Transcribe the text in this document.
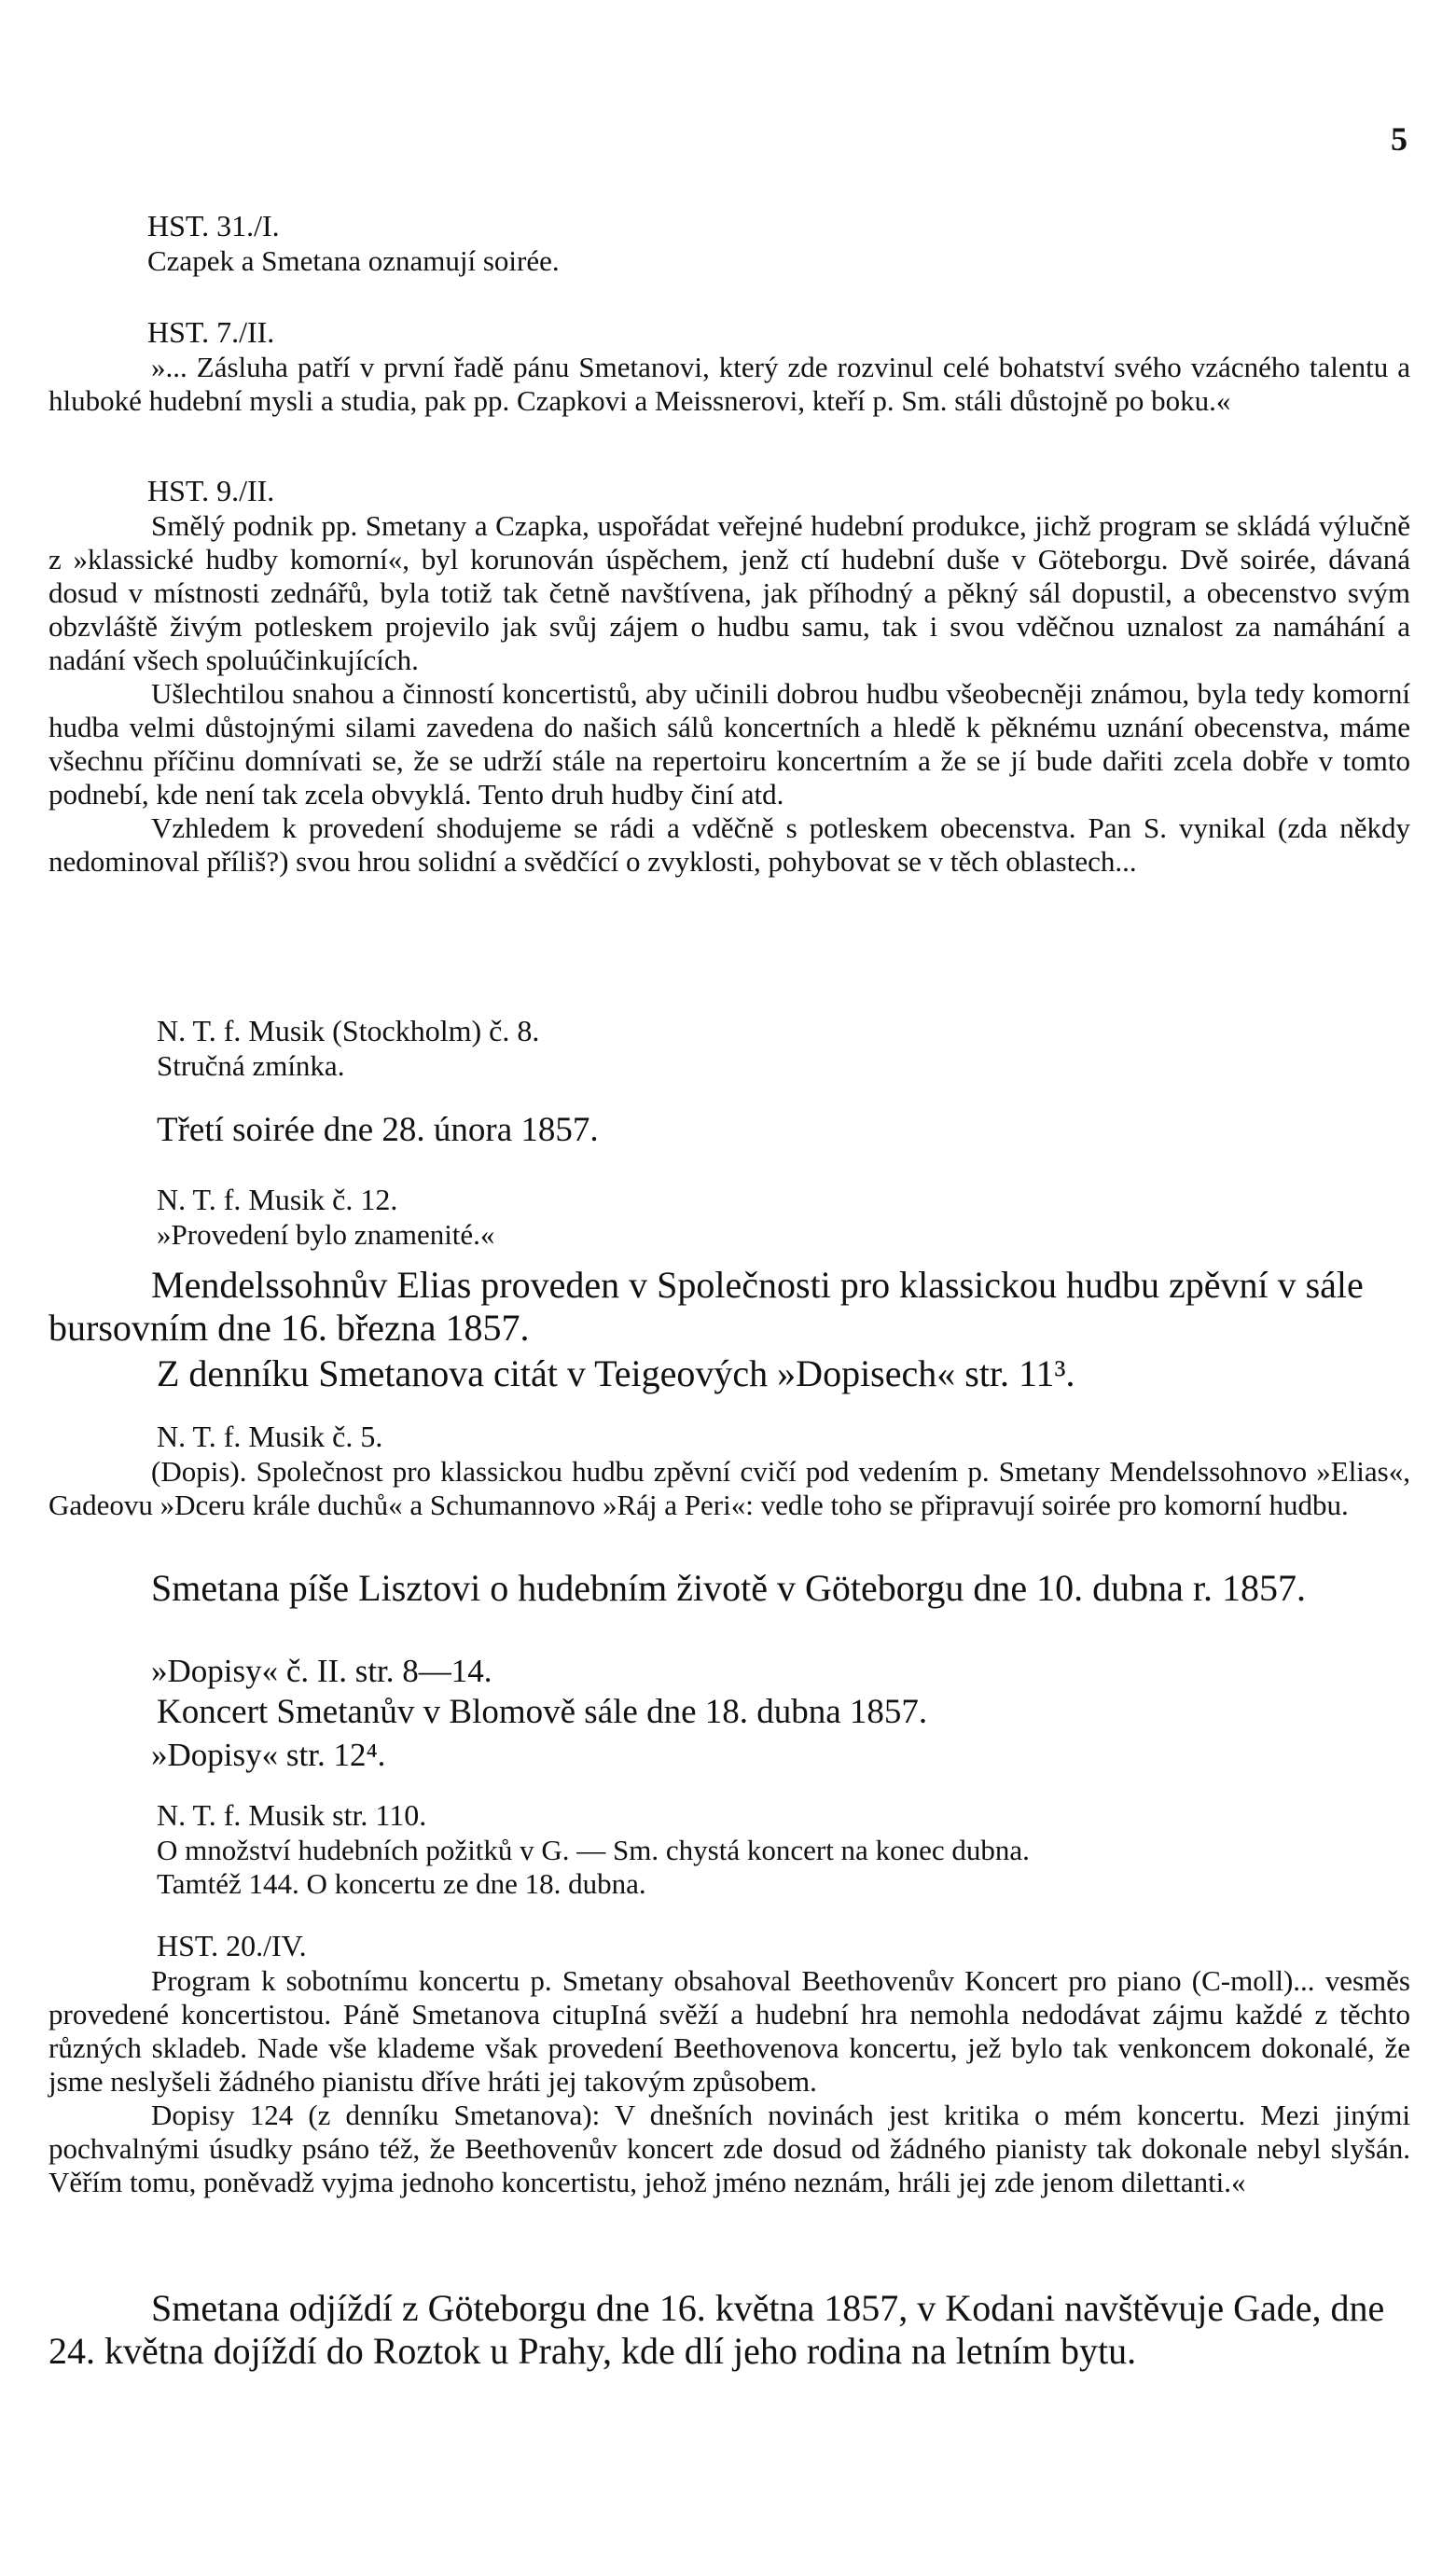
5

HST. 31./I.

Czapek a Smetana oznamují soirée.

HST. 7./II.

»... Zásluha patří v první řadě pánu Smetanovi, který zde rozvinul celé bohatství svého vzácného talentu a hluboké hudební mysli a studia, pak pp. Czapkovi a Meissnerovi, kteří p. Sm. stáli důstojně po boku.«

HST. 9./II.

Smělý podnik pp. Smetany a Czapka, uspořádat veřejné hudební produkce, jichž program se skládá výlučně z »klassické hudby komorní«, byl korunován úspěchem, jenž ctí hudební duše v Göteborgu. Dvě soirée, dávaná dosud v místnosti zednářů, byla totiž tak četně navštívena, jak příhodný a pěkný sál dopustil, a obecenstvo svým obzvláště živým potleskem projevilo jak svůj zájem o hudbu samu, tak i svou vděčnou uznalost za namáhání a nadání všech spoluúčinkujících.

Ušlechtilou snahou a činností koncertistů, aby učinili dobrou hudbu všeobecněji známou, byla tedy komorní hudba velmi důstojnými silami zavedena do našich sálů koncertních a hledě k pěknému uznání obecenstva, máme všechnu příčinu domnívati se, že se udrží stále na repertoiru koncertním a že se jí bude dařiti zcela dobře v tomto podnebí, kde není tak zcela obvyklá. Tento druh hudby činí atd.

Vzhledem k provedení shodujeme se rádi a vděčně s potleskem obecenstva. Pan S. vynikal (zda někdy nedominoval příliš?) svou hrou solidní a svědčící o zvyklosti, pohybovat se v těch oblastech...

N. T. f. Musik (Stockholm) č. 8.

Stručná zmínka.

Třetí soirée dne 28. února 1857.

N. T. f. Musik č. 12.

»Provedení bylo znamenité.«

Mendelssohnův Elias proveden v Společnosti pro klassickou hudbu zpěvní v sále bursovním dne 16. března 1857.

Z denníku Smetanova citát v Teigeových »Dopisech« str. 11³.

N. T. f. Musik č. 5.

(Dopis). Společnost pro klassickou hudbu zpěvní cvičí pod vedením p. Smetany Mendelssohnovo »Elias«, Gadeovu »Dceru krále duchů« a Schumannovo »Ráj a Peri«: vedle toho se připravují soirée pro komorní hudbu.

Smetana píše Lisztovi o hudebním životě v Göteborgu dne 10. dubna r. 1857.

»Dopisy« č. II. str. 8—14.

Koncert Smetanův v Blomově sále dne 18. dubna 1857.

»Dopisy« str. 12⁴.

N. T. f. Musik str. 110.

O množství hudebních požitků v G. — Sm. chystá koncert na konec dubna.

Tamtéž 144. O koncertu ze dne 18. dubna.

HST. 20./IV.

Program k sobotnímu koncertu p. Smetany obsahoval Beethovenův Koncert pro piano (C-moll)... vesměs provedené koncertistou. Páně Smetanova citupIná svěží a hudební hra nemohla nedodávat zájmu každé z těchto různých skladeb. Nade vše klademe však provedení Beethovenova koncertu, jež bylo tak venkoncem dokonalé, že jsme neslyšeli žádného pianistu dříve hráti jej takovým způsobem.

Dopisy 124 (z denníku Smetanova): V dnešních novinách jest kritika o mém koncertu. Mezi jinými pochvalnými úsudky psáno též, že Beethovenův koncert zde dosud od žádného pianisty tak dokonale nebyl slyšán. Věřím tomu, poněvadž vyjma jednoho koncertistu, jehož jméno neznám, hráli jej zde jenom dilettanti.«

Smetana odjíždí z Göteborgu dne 16. května 1857, v Kodani navštěvuje Gade, dne 24. května dojíždí do Roztok u Prahy, kde dlí jeho rodina na letním bytu.
